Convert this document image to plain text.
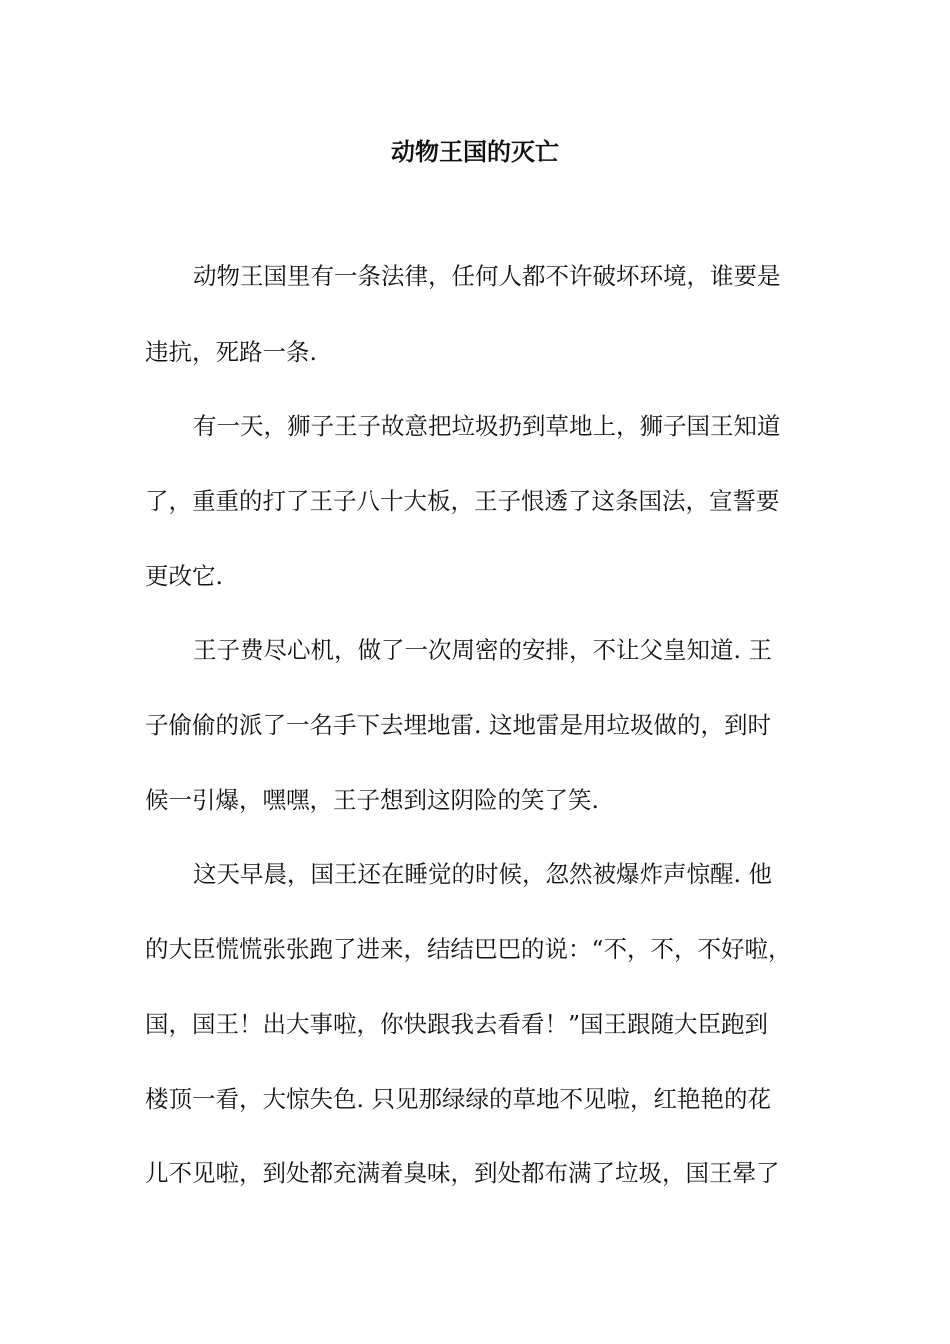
动物王国的灭亡
动物王国里有一条法律，任何人都不许破坏环境，谁要是
违抗，死路一条.
有一天，狮子王子故意把垃圾扔到草地上，狮子国王知道
了，重重的打了王子八十大板，王子恨透了这条国法，宣誓要
更改它.
王子费尽心机，做了一次周密的安排，不让父皇知道. 王
子偷偷的派了一名手下去埋地雷. 这地雷是用垃圾做的，到时
候一引爆，嘿嘿，王子想到这阴险的笑了笑.
这天早晨，国王还在睡觉的时候，忽然被爆炸声惊醒. 他
的大臣慌慌张张跑了进来，结结巴巴的说：“不，不，不好啦，
国，国王！出大事啦，你快跟我去看看！”国王跟随大臣跑到
楼顶一看，大惊失色. 只见那绿绿的草地不见啦，红艳艳的花
儿不见啦，到处都充满着臭味，到处都布满了垃圾，国王晕了
